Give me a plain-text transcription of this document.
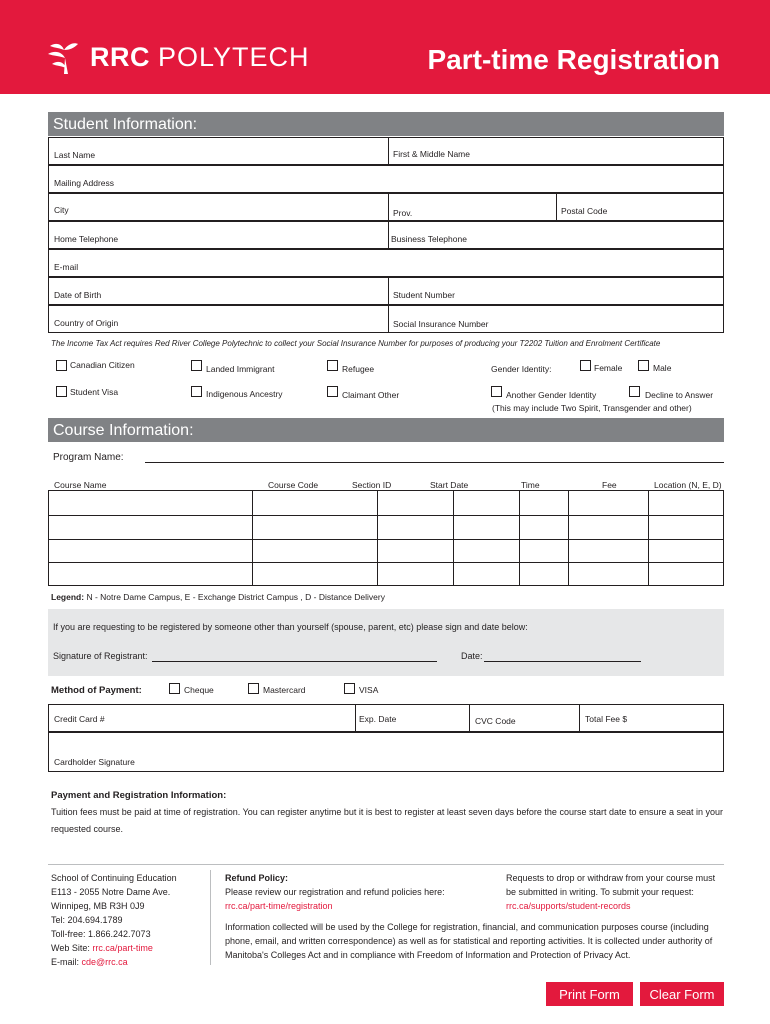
RRC POLYTECH	Part-time Registration
Student Information:
Last Name	First & Middle Name
Mailing Address
City	Prov.	Postal Code
Home Telephone	Business Telephone
E-mail
Date of Birth	Student Number
Country of Origin	Social Insurance Number
The Income Tax Act requires Red River College Polytechnic to collect your Social Insurance Number for purposes of producing your T2202 Tuition and Enrolment Certificate
Canadian Citizen	Landed Immigrant	Refugee
Student Visa	Indigenous Ancestry	Claimant Other
Gender Identity:	Female	Male
Another Gender Identity	Decline to Answer
(This may include Two Spirit, Transgender and other)
Course Information:
Program Name:
Course Name	Course Code	Section ID	Start Date	Time	Fee	Location (N, E, D)
Legend: N - Notre Dame Campus, E - Exchange District Campus , D - Distance Delivery
If you are requesting to be registered by someone other than yourself (spouse, parent, etc) please sign and date below:
Signature of Registrant:	Date:
Method of Payment:	Cheque	Mastercard	VISA
Credit Card #	Exp. Date	CVC Code	Total Fee $
Cardholder Signature
Payment and Registration Information:
Tuition fees must be paid at time of registration. You can register anytime but it is best to register at least seven days before the course start date to ensure a seat in your requested course.
School of Continuing Education
E113 - 2055 Notre Dame Ave.
Winnipeg, MB R3H 0J9
Tel: 204.694.1789
Toll-free: 1.866.242.7073
Web Site: rrc.ca/part-time
E-mail: cde@rrc.ca
Refund Policy:
Please review our registration and refund policies here:
rrc.ca/part-time/registration
Requests to drop or withdraw from your course must be submitted in writing. To submit your request:
rrc.ca/supports/student-records
Information collected will be used by the College for registration, financial, and communication purposes course (including phone, email, and written correspondence) as well as for statistical and reporting activities. It is collected under authority of Manitoba's Colleges Act and in compliance with Freedom of Information and Protection of Privacy Act.
Print Form	Clear Form
